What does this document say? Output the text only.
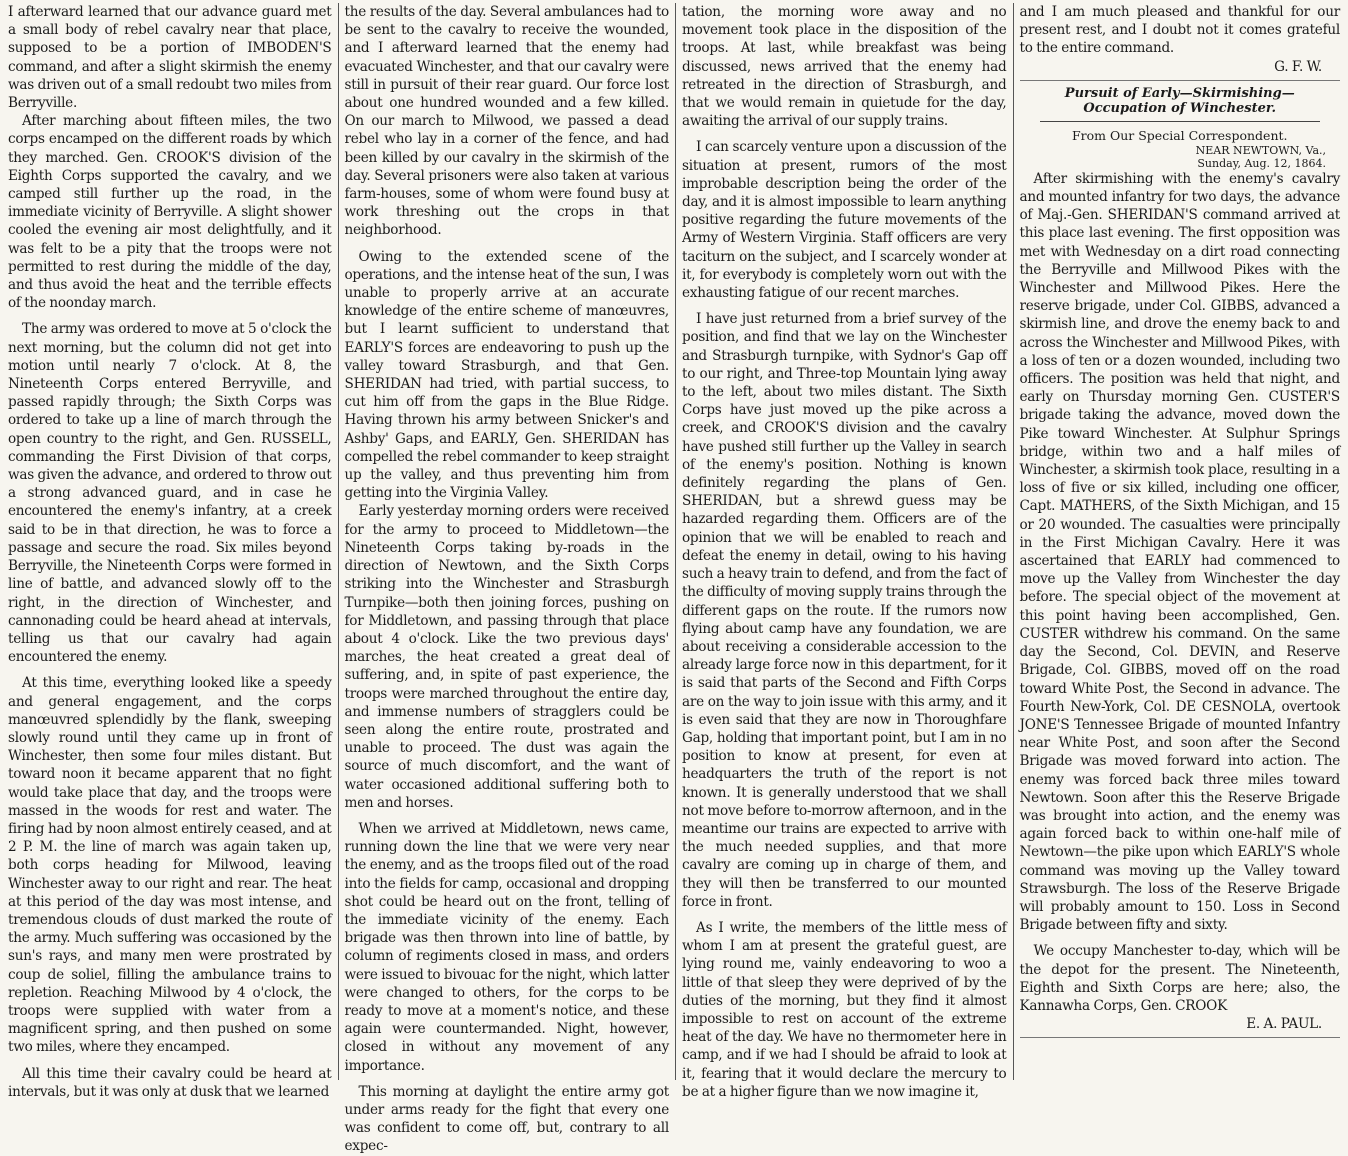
I afterward learned that our advance guard met a small body of rebel cavalry near that place, supposed to be a portion of IMBODEN'S command, and after a slight skirmish the enemy was driven out of a small redoubt two miles from Berryville.

After marching about fifteen miles, the two corps encamped on the different roads by which they marched. Gen. CROOK'S division of the Eighth Corps supported the cavalry, and we camped still further up the road, in the immediate vicinity of Berryville. A slight shower cooled the evening air most delightfully, and it was felt to be a pity that the troops were not permitted to rest during the middle of the day, and thus avoid the heat and the terrible effects of the noonday march.

The army was ordered to move at 5 o'clock the next morning, but the column did not get into motion until nearly 7 o'clock. At 8, the Nineteenth Corps entered Berryville, and passed rapidly through; the Sixth Corps was ordered to take up a line of march through the open country to the right, and Gen. RUSSELL, commanding the First Division of that corps, was given the advance, and ordered to throw out a strong advanced guard, and in case he encountered the enemy's infantry, at a creek said to be in that direction, he was to force a passage and secure the road. Six miles beyond Berryville, the Nineteenth Corps were formed in line of battle, and advanced slowly off to the right, in the direction of Winchester, and cannonading could be heard ahead at intervals, telling us that our cavalry had again encountered the enemy.

At this time, everything looked like a speedy and general engagement, and the corps manœuvred splendidly by the flank, sweeping slowly round until they came up in front of Winchester, then some four miles distant. But toward noon it became apparent that no fight would take place that day, and the troops were massed in the woods for rest and water. The firing had by noon almost entirely ceased, and at 2 P. M. the line of march was again taken up, both corps heading for Milwood, leaving Winchester away to our right and rear. The heat at this period of the day was most intense, and tremendous clouds of dust marked the route of the army. Much suffering was occasioned by the sun's rays, and many men were prostrated by coup de soliel, filling the ambulance trains to repletion. Reaching Milwood by 4 o'clock, the troops were supplied with water from a magnificent spring, and then pushed on some two miles, where they encamped.

All this time their cavalry could be heard at intervals, but it was only at dusk that we learned

the results of the day. Several ambulances had to be sent to the cavalry to receive the wounded, and I afterward learned that the enemy had evacuated Winchester, and that our cavalry were still in pursuit of their rear guard. Our force lost about one hundred wounded and a few killed. On our march to Milwood, we passed a dead rebel who lay in a corner of the fence, and had been killed by our cavalry in the skirmish of the day. Several prisoners were also taken at various farm-houses, some of whom were found busy at work threshing out the crops in that neighborhood.

Owing to the extended scene of the operations, and the intense heat of the sun, I was unable to properly arrive at an accurate knowledge of the entire scheme of manœuvres, but I learnt sufficient to understand that EARLY'S forces are endeavoring to push up the valley toward Strasburgh, and that Gen. SHERIDAN had tried, with partial success, to cut him off from the gaps in the Blue Ridge. Having thrown his army between Snicker's and Ashby' Gaps, and EARLY, Gen. SHERIDAN has compelled the rebel commander to keep straight up the valley, and thus preventing him from getting into the Virginia Valley.

Early yesterday morning orders were received for the army to proceed to Middletown—the Nineteenth Corps taking by-roads in the direction of Newtown, and the Sixth Corps striking into the Winchester and Strasburgh Turnpike—both then joining forces, pushing on for Middletown, and passing through that place about 4 o'clock. Like the two previous days' marches, the heat created a great deal of suffering, and, in spite of past experience, the troops were marched throughout the entire day, and immense numbers of stragglers could be seen along the entire route, prostrated and unable to proceed. The dust was again the source of much discomfort, and the want of water occasioned additional suffering both to men and horses.

When we arrived at Middletown, news came, running down the line that we were very near the enemy, and as the troops filed out of the road into the fields for camp, occasional and dropping shot could be heard out on the front, telling of the immediate vicinity of the enemy. Each brigade was then thrown into line of battle, by column of regiments closed in mass, and orders were issued to bivouac for the night, which latter were changed to others, for the corps to be ready to move at a moment's notice, and these again were countermanded. Night, however, closed in without any movement of any importance.

This morning at daylight the entire army got under arms ready for the fight that every one was confident to come off, but, contrary to all expec-

tation, the morning wore away and no movement took place in the disposition of the troops. At last, while breakfast was being discussed, news arrived that the enemy had retreated in the direction of Strasburgh, and that we would remain in quietude for the day, awaiting the arrival of our supply trains.

I can scarcely venture upon a discussion of the situation at present, rumors of the most improbable description being the order of the day, and it is almost impossible to learn anything positive regarding the future movements of the Army of Western Virginia. Staff officers are very taciturn on the subject, and I scarcely wonder at it, for everybody is completely worn out with the exhausting fatigue of our recent marches.

I have just returned from a brief survey of the position, and find that we lay on the Winchester and Strasburgh turnpike, with Sydnor's Gap off to our right, and Three-top Mountain lying away to the left, about two miles distant. The Sixth Corps have just moved up the pike across a creek, and CROOK'S division and the cavalry have pushed still further up the Valley in search of the enemy's position. Nothing is known definitely regarding the plans of Gen. SHERIDAN, but a shrewd guess may be hazarded regarding them. Officers are of the opinion that we will be enabled to reach and defeat the enemy in detail, owing to his having such a heavy train to defend, and from the fact of the difficulty of moving supply trains through the different gaps on the route. If the rumors now flying about camp have any foundation, we are about receiving a considerable accession to the already large force now in this department, for it is said that parts of the Second and Fifth Corps are on the way to join issue with this army, and it is even said that they are now in Thoroughfare Gap, holding that important point, but I am in no position to know at present, for even at headquarters the truth of the report is not known. It is generally understood that we shall not move before to-morrow afternoon, and in the meantime our trains are expected to arrive with the much needed supplies, and that more cavalry are coming up in charge of them, and they will then be transferred to our mounted force in front.

As I write, the members of the little mess of whom I am at present the grateful guest, are lying round me, vainly endeavoring to woo a little of that sleep they were deprived of by the duties of the morning, but they find it almost impossible to rest on account of the extreme heat of the day. We have no thermometer here in camp, and if we had I should be afraid to look at it, fearing that it would declare the mercury to be at a higher figure than we now imagine it,

and I am much pleased and thankful for our present rest, and I doubt not it comes grateful to the entire command.

G. F. W.

Pursuit of Early—Skirmishing—Occupation of Winchester.
From Our Special Correspondent.
NEAR NEWTOWN, Va.,
Sunday, Aug. 12, 1864.

After skirmishing with the enemy's cavalry and mounted infantry for two days, the advance of Maj.-Gen. SHERIDAN'S command arrived at this place last evening. The first opposition was met with Wednesday on a dirt road connecting the Berryville and Millwood Pikes with the Winchester and Millwood Pikes. Here the reserve brigade, under Col. GIBBS, advanced a skirmish line, and drove the enemy back to and across the Winchester and Millwood Pikes, with a loss of ten or a dozen wounded, including two officers. The position was held that night, and early on Thursday morning Gen. CUSTER'S brigade taking the advance, moved down the Pike toward Winchester. At Sulphur Springs bridge, within two and a half miles of Winchester, a skirmish took place, resulting in a loss of five or six killed, including one officer, Capt. MATHERS, of the Sixth Michigan, and 15 or 20 wounded. The casualties were principally in the First Michigan Cavalry. Here it was ascertained that EARLY had commenced to move up the Valley from Winchester the day before. The special object of the movement at this point having been accomplished, Gen. CUSTER withdrew his command. On the same day the Second, Col. DEVIN, and Reserve Brigade, Col. GIBBS, moved off on the road toward White Post, the Second in advance. The Fourth New-York, Col. DE CESNOLA, overtook JONE'S Tennessee Brigade of mounted Infantry near White Post, and soon after the Second Brigade was moved forward into action. The enemy was forced back three miles toward Newtown. Soon after this the Reserve Brigade was brought into action, and the enemy was again forced back to within one-half mile of Newtown—the pike upon which EARLY'S whole command was moving up the Valley toward Strawsburgh. The loss of the Reserve Brigade will probably amount to 150. Loss in Second Brigade between fifty and sixty.

We occupy Manchester to-day, which will be the depot for the present. The Nineteenth, Eighth and Sixth Corps are here; also, the Kannawha Corps, Gen. CROOK

E. A. PAUL.
